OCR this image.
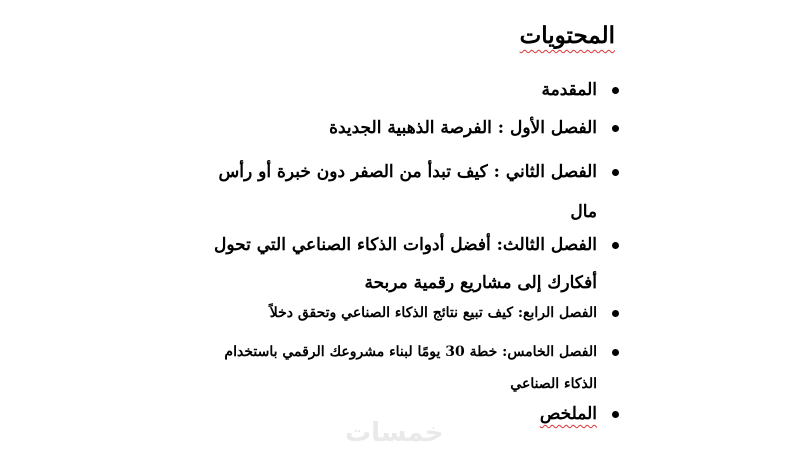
المحتويات
المقدمة
الفصل الأول : الفرصة الذهبية الجديدة
الفصل الثاني : كيف تبدأ من الصفر دون خبرة أو رأس
مال
الفصل الثالث: أفضل أدوات الذكاء الصناعي التي تحول
أفكارك إلى مشاريع رقمية مربحة
الفصل الرابع: كيف تبيع نتائج الذكاء الصناعي وتحقق دخلاً
الفصل الخامس: خطة 30 يومًا لبناء مشروعك الرقمي باستخدام
الذكاء الصناعي
الملخص
خمسات
